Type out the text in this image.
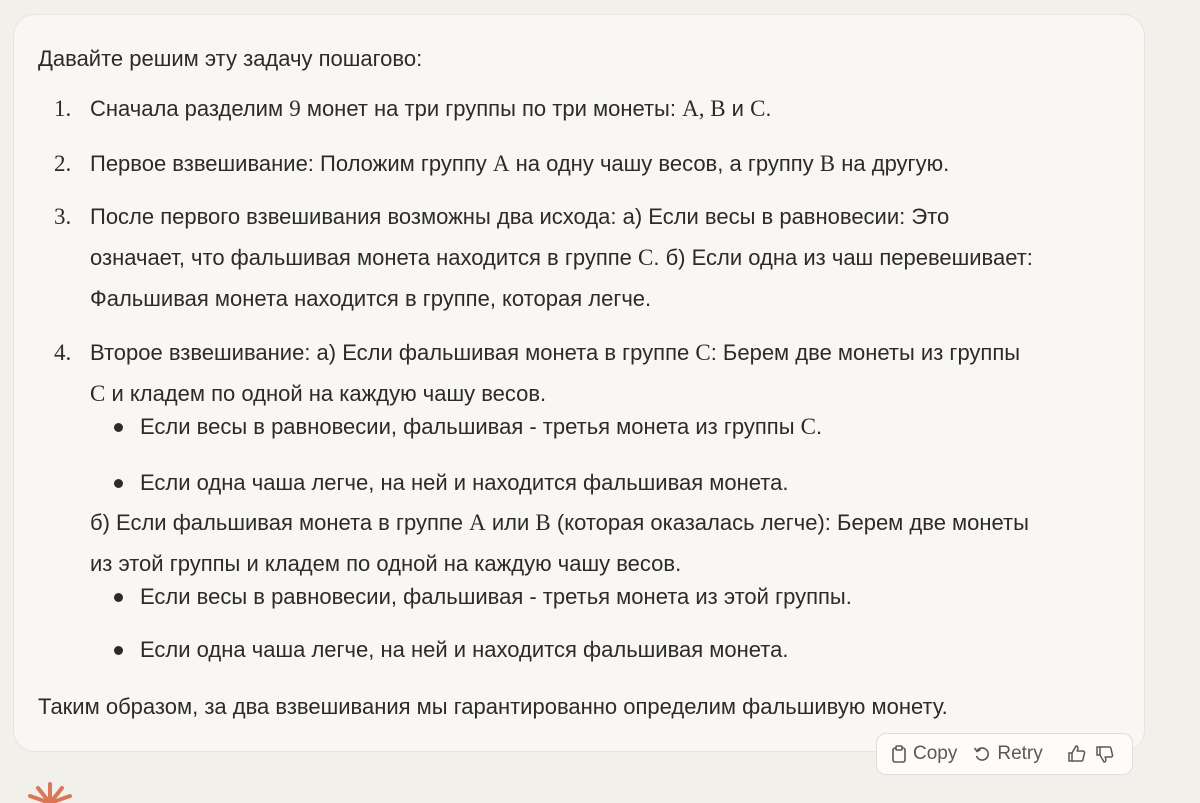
Давайте решим эту задачу пошагово:

1. Сначала разделим 9 монет на три группы по три монеты: A, B и C.
2. Первое взвешивание: Положим группу A на одну чашу весов, а группу B на другую.
3. После первого взвешивания возможны два исхода: а) Если весы в равновесии: Это означает, что фальшивая монета находится в группе C. б) Если одна из чаш перевешивает: Фальшивая монета находится в группе, которая легче.
4. Второе взвешивание: а) Если фальшивая монета в группе C: Берем две монеты из группы C и кладем по одной на каждую чашу весов.
Если весы в равновесии, фальшивая - третья монета из группы C.
Если одна чаша легче, на ней и находится фальшивая монета.
б) Если фальшивая монета в группе A или B (которая оказалась легче): Берем две монеты из этой группы и кладем по одной на каждую чашу весов.
Если весы в равновесии, фальшивая - третья монета из этой группы.
Если одна чаша легче, на ней и находится фальшивая монета.

Таким образом, за два взвешивания мы гарантированно определим фальшивую монету.

Copy Retry
